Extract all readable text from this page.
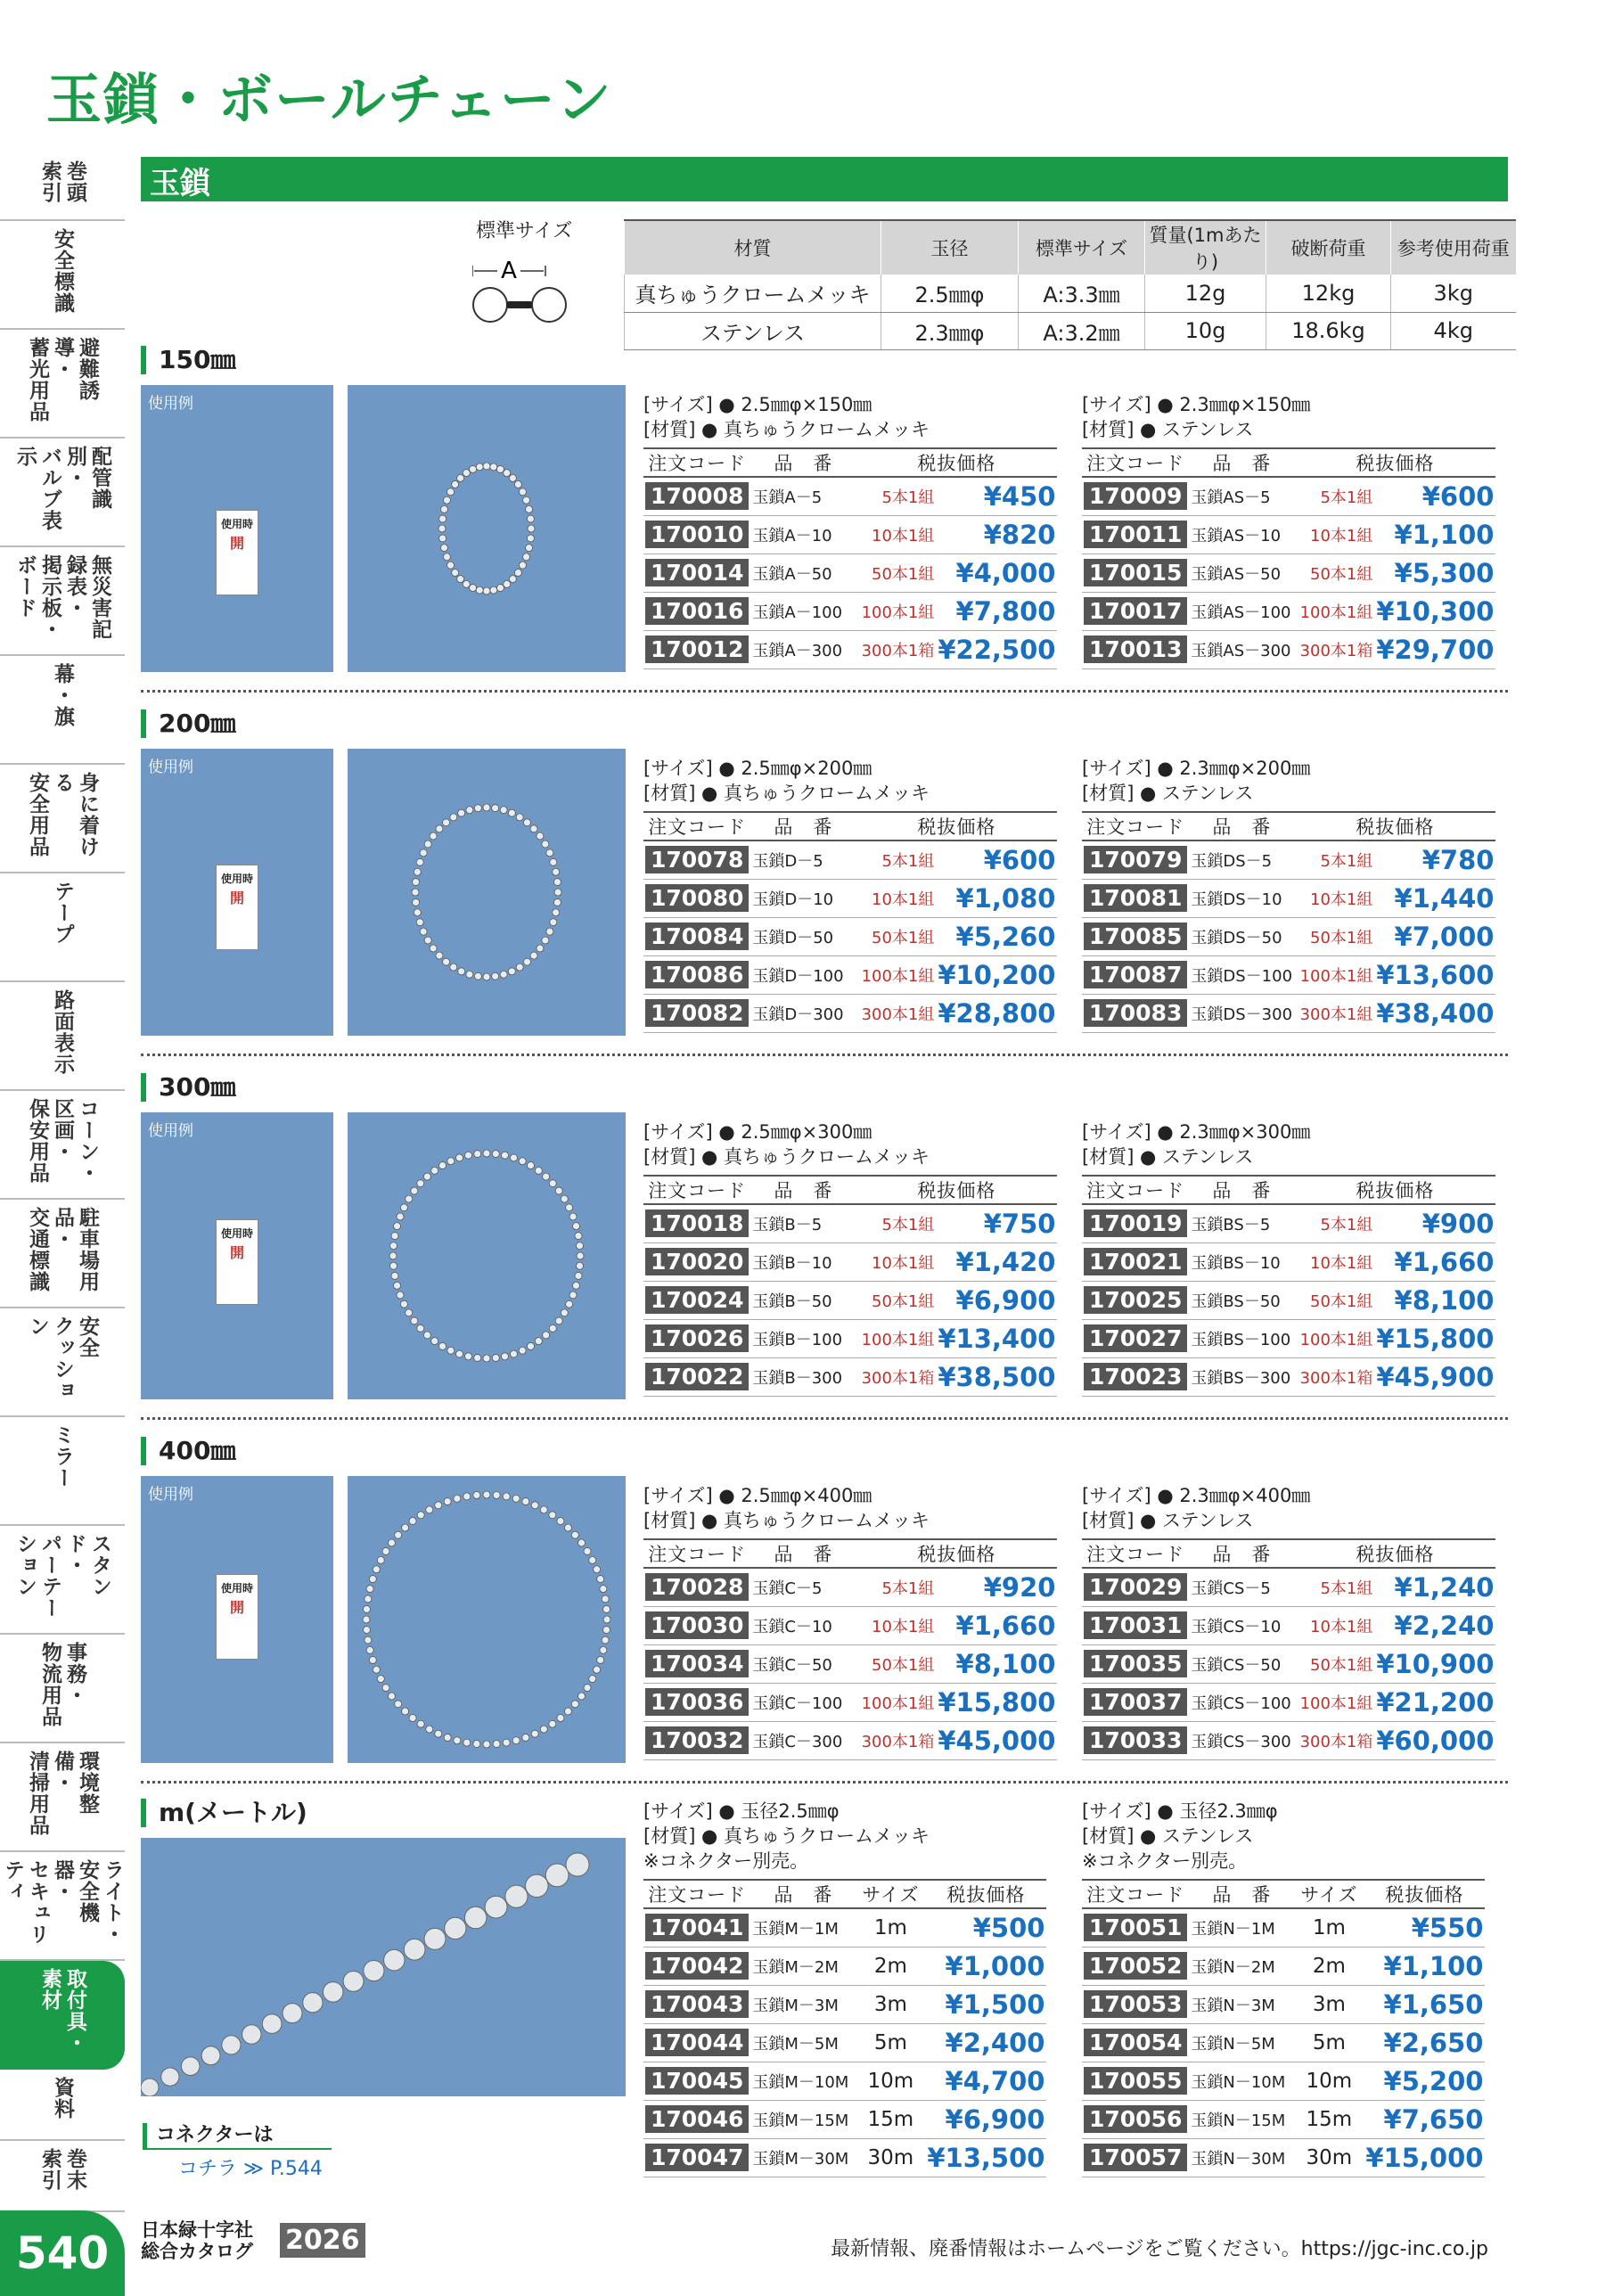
玉鎖・ボールチェーン
巻頭
索引
安全標識
避難誘導・
蓄光用品
配管識別・
バルブ表示
無災害記録表・
掲示板・
ボード
幕・旗
身に着ける
安全用品
テープ
路面表示
コーン・区画・
保安用品
駐車場用品・
交通標識
安全
クッション
ミラー
スタンド・
パーテーション
事務・
物流用品
環境整備・
清掃用品
ライト・
安全機器・
セキュリティ
取付具・
素材
資料
巻末
索引
540
玉鎖
標準サイズ
A
材質	玉径	標準サイズ	質量(1mあたり)	破断荷重	参考使用荷重
真ちゅうクロームメッキ	2.5㎜φ	A:3.3㎜	12g	12kg	3kg
ステンレス	2.3㎜φ	A:3.2㎜	10g	18.6kg	4kg
150㎜
使用例
使用時
開
[サイズ] ● 2.5㎜φ×150㎜
[材質] ● 真ちゅうクロームメッキ
[サイズ] ● 2.3㎜φ×150㎜
[材質] ● ステンレス
注文コード	品　番	税抜価格	
170008	玉鎖A－5	5本1組	¥450
170010	玉鎖A－10	10本1組	¥820
170014	玉鎖A－50	50本1組	¥4,000
170016	玉鎖A－100	100本1組	¥7,800
170012	玉鎖A－300	300本1箱	¥22,500
注文コード	品　番	税抜価格	
170009	玉鎖AS－5	5本1組	¥600
170011	玉鎖AS－10	10本1組	¥1,100
170015	玉鎖AS－50	50本1組	¥5,300
170017	玉鎖AS－100	100本1組	¥10,300
170013	玉鎖AS－300	300本1箱	¥29,700
200㎜
使用例
使用時
開
[サイズ] ● 2.5㎜φ×200㎜
[材質] ● 真ちゅうクロームメッキ
[サイズ] ● 2.3㎜φ×200㎜
[材質] ● ステンレス
注文コード	品　番	税抜価格	
170078	玉鎖D－5	5本1組	¥600
170080	玉鎖D－10	10本1組	¥1,080
170084	玉鎖D－50	50本1組	¥5,260
170086	玉鎖D－100	100本1組	¥10,200
170082	玉鎖D－300	300本1組	¥28,800
注文コード	品　番	税抜価格	
170079	玉鎖DS－5	5本1組	¥780
170081	玉鎖DS－10	10本1組	¥1,440
170085	玉鎖DS－50	50本1組	¥7,000
170087	玉鎖DS－100	100本1組	¥13,600
170083	玉鎖DS－300	300本1組	¥38,400
300㎜
使用例
使用時
開
[サイズ] ● 2.5㎜φ×300㎜
[材質] ● 真ちゅうクロームメッキ
[サイズ] ● 2.3㎜φ×300㎜
[材質] ● ステンレス
注文コード	品　番	税抜価格	
170018	玉鎖B－5	5本1組	¥750
170020	玉鎖B－10	10本1組	¥1,420
170024	玉鎖B－50	50本1組	¥6,900
170026	玉鎖B－100	100本1組	¥13,400
170022	玉鎖B－300	300本1箱	¥38,500
注文コード	品　番	税抜価格	
170019	玉鎖BS－5	5本1組	¥900
170021	玉鎖BS－10	10本1組	¥1,660
170025	玉鎖BS－50	50本1組	¥8,100
170027	玉鎖BS－100	100本1組	¥15,800
170023	玉鎖BS－300	300本1箱	¥45,900
400㎜
使用例
使用時
開
[サイズ] ● 2.5㎜φ×400㎜
[材質] ● 真ちゅうクロームメッキ
[サイズ] ● 2.3㎜φ×400㎜
[材質] ● ステンレス
注文コード	品　番	税抜価格	
170028	玉鎖C－5	5本1組	¥920
170030	玉鎖C－10	10本1組	¥1,660
170034	玉鎖C－50	50本1組	¥8,100
170036	玉鎖C－100	100本1組	¥15,800
170032	玉鎖C－300	300本1箱	¥45,000
注文コード	品　番	税抜価格	
170029	玉鎖CS－5	5本1組	¥1,240
170031	玉鎖CS－10	10本1組	¥2,240
170035	玉鎖CS－50	50本1組	¥10,900
170037	玉鎖CS－100	100本1組	¥21,200
170033	玉鎖CS－300	300本1箱	¥60,000
m(メートル)	[サイズ] ● 玉径2.5㎜φ
[材質] ● 真ちゅうクロームメッキ
※コネクター別売。
[サイズ] ● 玉径2.3㎜φ
[材質] ● ステンレス
※コネクター別売。
注文コード	品　番	サイズ	税抜価格
170041	玉鎖M－1M	1m	¥500
170042	玉鎖M－2M	2m	¥1,000
170043	玉鎖M－3M	3m	¥1,500
170044	玉鎖M－5M	5m	¥2,400
170045	玉鎖M－10M	10m	¥4,700
170046	玉鎖M－15M	15m	¥6,900
170047	玉鎖M－30M	30m	¥13,500
注文コード	品　番	サイズ	税抜価格
170051	玉鎖N－1M	1m	¥550
170052	玉鎖N－2M	2m	¥1,100
170053	玉鎖N－3M	3m	¥1,650
170054	玉鎖N－5M	5m	¥2,650
170055	玉鎖N－10M	10m	¥5,200
170056	玉鎖N－15M	15m	¥7,650
170057	玉鎖N－30M	30m	¥15,000
コネクターは
コチラ ≫ P.544
日本緑十字社
総合カタログ 2026	最新情報、廃番情報はホームページをご覧ください。https://jgc-inc.co.jp
